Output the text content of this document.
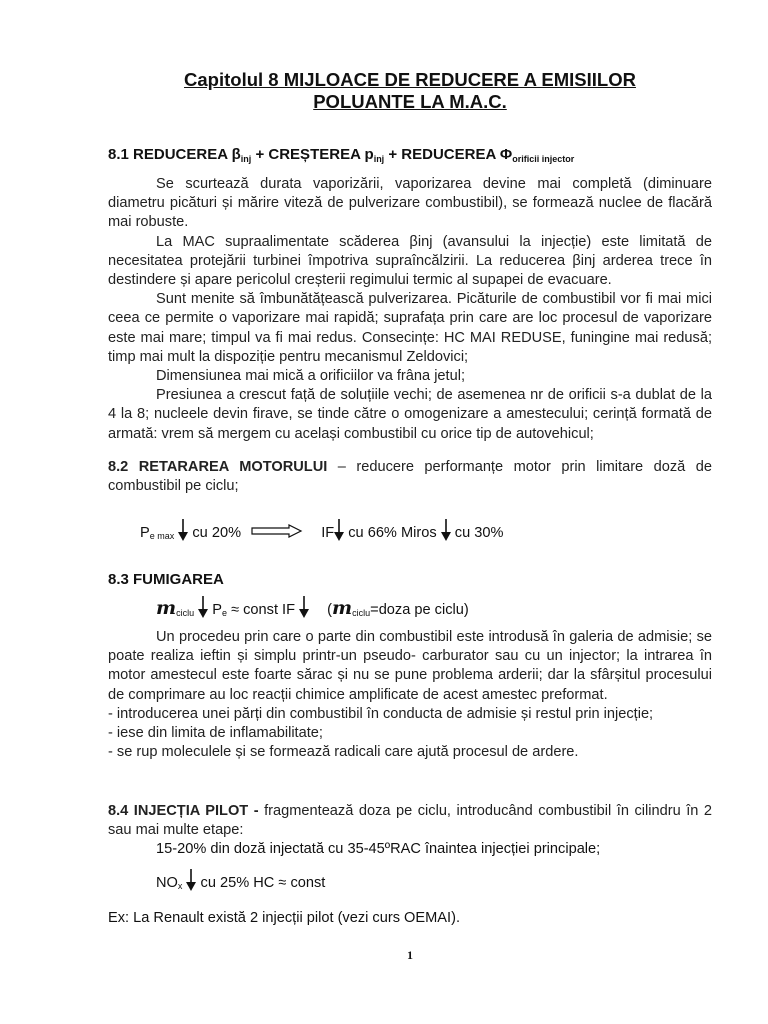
Capitolul 8 MIJLOACE DE REDUCERE A EMISIILOR
POLUANTE LA M.A.C.
8.1 REDUCEREA $\beta_{inj}$ + CREȘTEREA $p_{inj}$ + REDUCEREA $\Phi_{orificii injector}$

Se scurtează durata vaporizării, vaporizarea devine mai completă (diminuare diametru picături și mărire viteză de pulverizare combustibil), se formează nuclee de flacără mai robuste.

La MAC supraalimentate scăderea βinj (avansului la injecție) este limitată de necesitatea protejării turbinei împotriva supraîncălzirii. La reducerea βinj arderea trece în destindere și apare pericolul creșterii regimului termic al supapei de evacuare.

Sunt menite să îmbunătățească pulverizarea. Picăturile de combustibil vor fi mai mici ceea ce permite o vaporizare mai rapidă; suprafața prin care are loc procesul de vaporizare este mai mare; timpul va fi mai redus. Consecințe: HC MAI REDUSE, funingine mai redusă; timp mai mult la dispoziție pentru mecanismul Zeldovici;

Dimensiunea mai mică a orificiilor va frâna jetul;

Presiunea a crescut față de soluțiile vechi; de asemenea nr de orificii s-a dublat de la 4 la 8; nucleele devin firave, se tinde către o omogenizare a amestecului; cerință formată de armată: vrem să mergem cu același combustibil cu orice tip de autovehicul;

8.2 RETARAREA MOTORULUI – reducere performanțe motor prin limitare doză de combustibil pe ciclu;

$P_{e max}$ cu 20%	IF cu 66% Miros cu 30%
8.3 FUMIGAREA
$m_{ciclu}$ $P_e$ ≈ const IF ($m_{ciclu}=doza$ pe ciclu)

Un procedeu prin care o parte din combustibil este introdusă în galeria de admisie; se poate realiza ieftin și simplu printr-un pseudo- carburator sau cu un injector; la intrarea în motor amestecul este foarte sărac și nu se pune problema arderii; dar la sfârșitul procesului de comprimare au loc reacții chimice amplificate de acest amestec preformat.

- introducerea unei părți din combustibil în conducta de admisie și restul prin injecție;

- iese din limita de inflamabilitate;

- se rup moleculele și se formează radicali care ajută procesul de ardere.

8.4 INJECȚIA PILOT - fragmentează doza pe ciclu, introducând combustibil în cilindru în 2 sau mai multe etape:

15-20% din doză injectată cu 35-45ºRAC înaintea injecției principale;
$NO_x$ cu 25% HC ≈ const
Ex: La Renault există 2 injecții pilot (vezi curs OEMAI).
1
